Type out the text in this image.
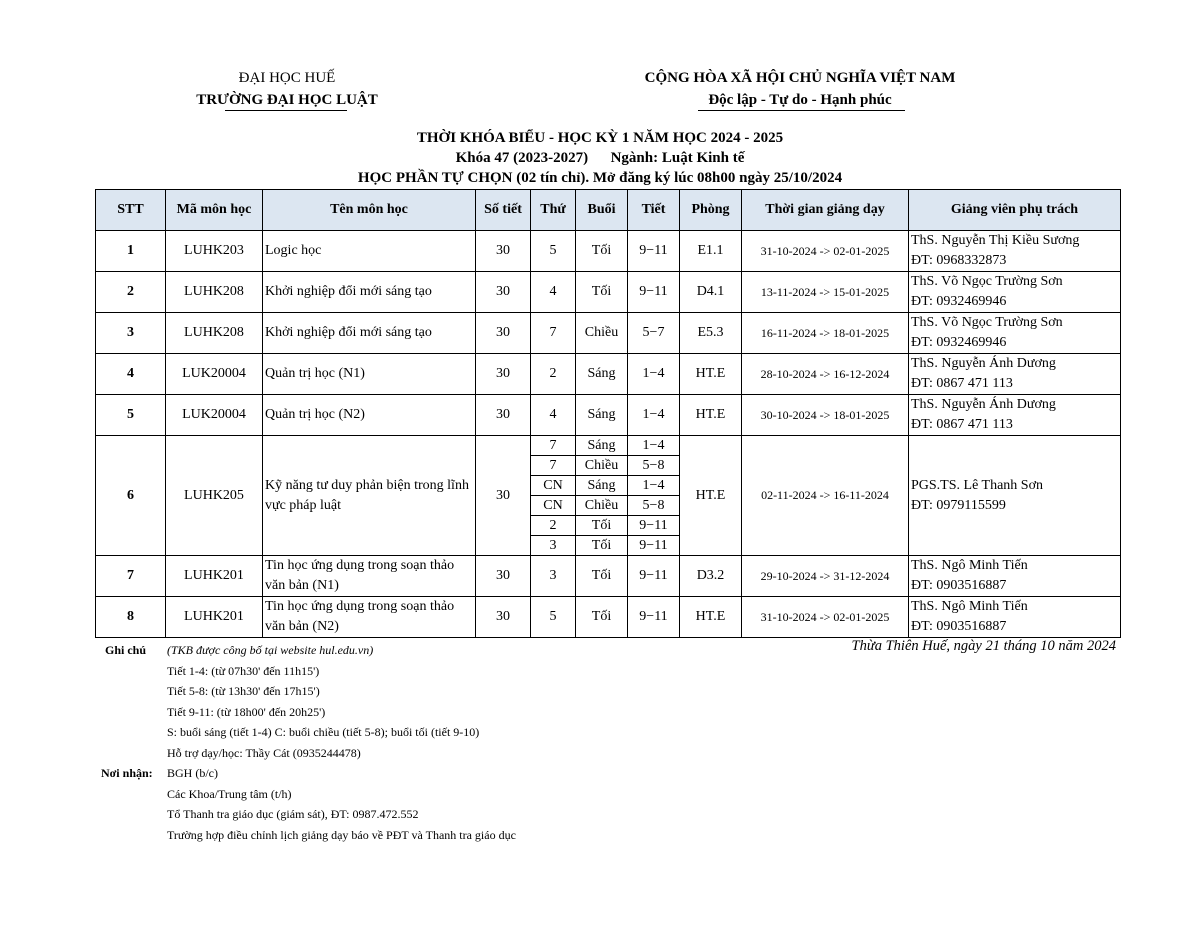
ĐẠI HỌC HUẾ
TRƯỜNG ĐẠI HỌC LUẬT
CỘNG HÒA XÃ HỘI CHỦ NGHĨA VIỆT NAM
Độc lập - Tự do - Hạnh phúc
THỜI KHÓA BIỂU - HỌC KỲ 1 NĂM HỌC 2024 - 2025
Khóa 47 (2023-2027)      Ngành: Luật Kinh tế
HỌC PHẦN TỰ CHỌN (02 tín chỉ). Mở đăng ký lúc 08h00 ngày 25/10/2024
STT	Mã môn học	Tên môn học	Số tiết	Thứ	Buổi	Tiết	Phòng	Thời gian giảng dạy	Giảng viên phụ trách
1	LUHK203	Logic học	30	5	Tối	9−11	E1.1	31-10-2024 -> 02-01-2025	ThS. Nguyễn Thị Kiều Sương
ĐT: 0968332873

2	LUHK208	Khởi nghiệp đổi mới sáng tạo	30	4	Tối	9−11	D4.1	13-11-2024 -> 15-01-2025	ThS. Võ Ngọc Trường Sơn
ĐT: 0932469946

3	LUHK208	Khởi nghiệp đổi mới sáng tạo	30	7	Chiều	5−7	E5.3	16-11-2024 -> 18-01-2025	ThS. Võ Ngọc Trường Sơn
ĐT: 0932469946

4	LUK20004	Quản trị học (N1)	30	2	Sáng	1−4	HT.E	28-10-2024 -> 16-12-2024	ThS. Nguyễn Ánh Dương
ĐT: 0867 471 113

5	LUK20004	Quản trị học (N2)	30	4	Sáng	1−4	HT.E	30-10-2024 -> 18-01-2025	ThS. Nguyễn Ánh Dương
ĐT: 0867 471 113

6	LUHK205	Kỹ năng tư duy phản biện trong lĩnh vực pháp luật	30	7	Sáng	1−4	HT.E	02-11-2024 -> 16-11-2024	PGS.TS. Lê Thanh Sơn
ĐT: 0979115599

				7	Chiều	5−8			
				CN	Sáng	1−4			
				CN	Chiều	5−8			
				2	Tối	9−11			
				3	Tối	9−11			
7	LUHK201	Tin học ứng dụng trong soạn thảo văn bản (N1)	30	3	Tối	9−11	D3.2	29-10-2024 -> 31-12-2024	ThS. Ngô Minh Tiến
ĐT: 0903516887

8	LUHK201	Tin học ứng dụng trong soạn thảo văn bản (N2)	30	5	Tối	9−11	HT.E	31-10-2024 -> 02-01-2025	ThS. Ngô Minh Tiến
ĐT: 0903516887
Thừa Thiên Huế, ngày 21 tháng 10 năm 2024
Ghi chú	(TKB được công bố tại website hul.edu.vn)
Tiết 1-4: (từ 07h30' đến 11h15')
Tiết 5-8: (từ 13h30' đến 17h15')
Tiết 9-11: (từ 18h00' đến 20h25')
S: buổi sáng (tiết 1-4) C: buổi chiều (tiết 5-8); buổi tối (tiết 9-10)
Hỗ trợ dạy/học: Thầy Cát (0935244478)
Nơi nhận:	BGH (b/c)
Các Khoa/Trung tâm (t/h)
Tổ Thanh tra giáo dục (giám sát), ĐT: 0987.472.552
Trường hợp điều chỉnh lịch giảng dạy báo về PĐT và Thanh tra giáo dục
